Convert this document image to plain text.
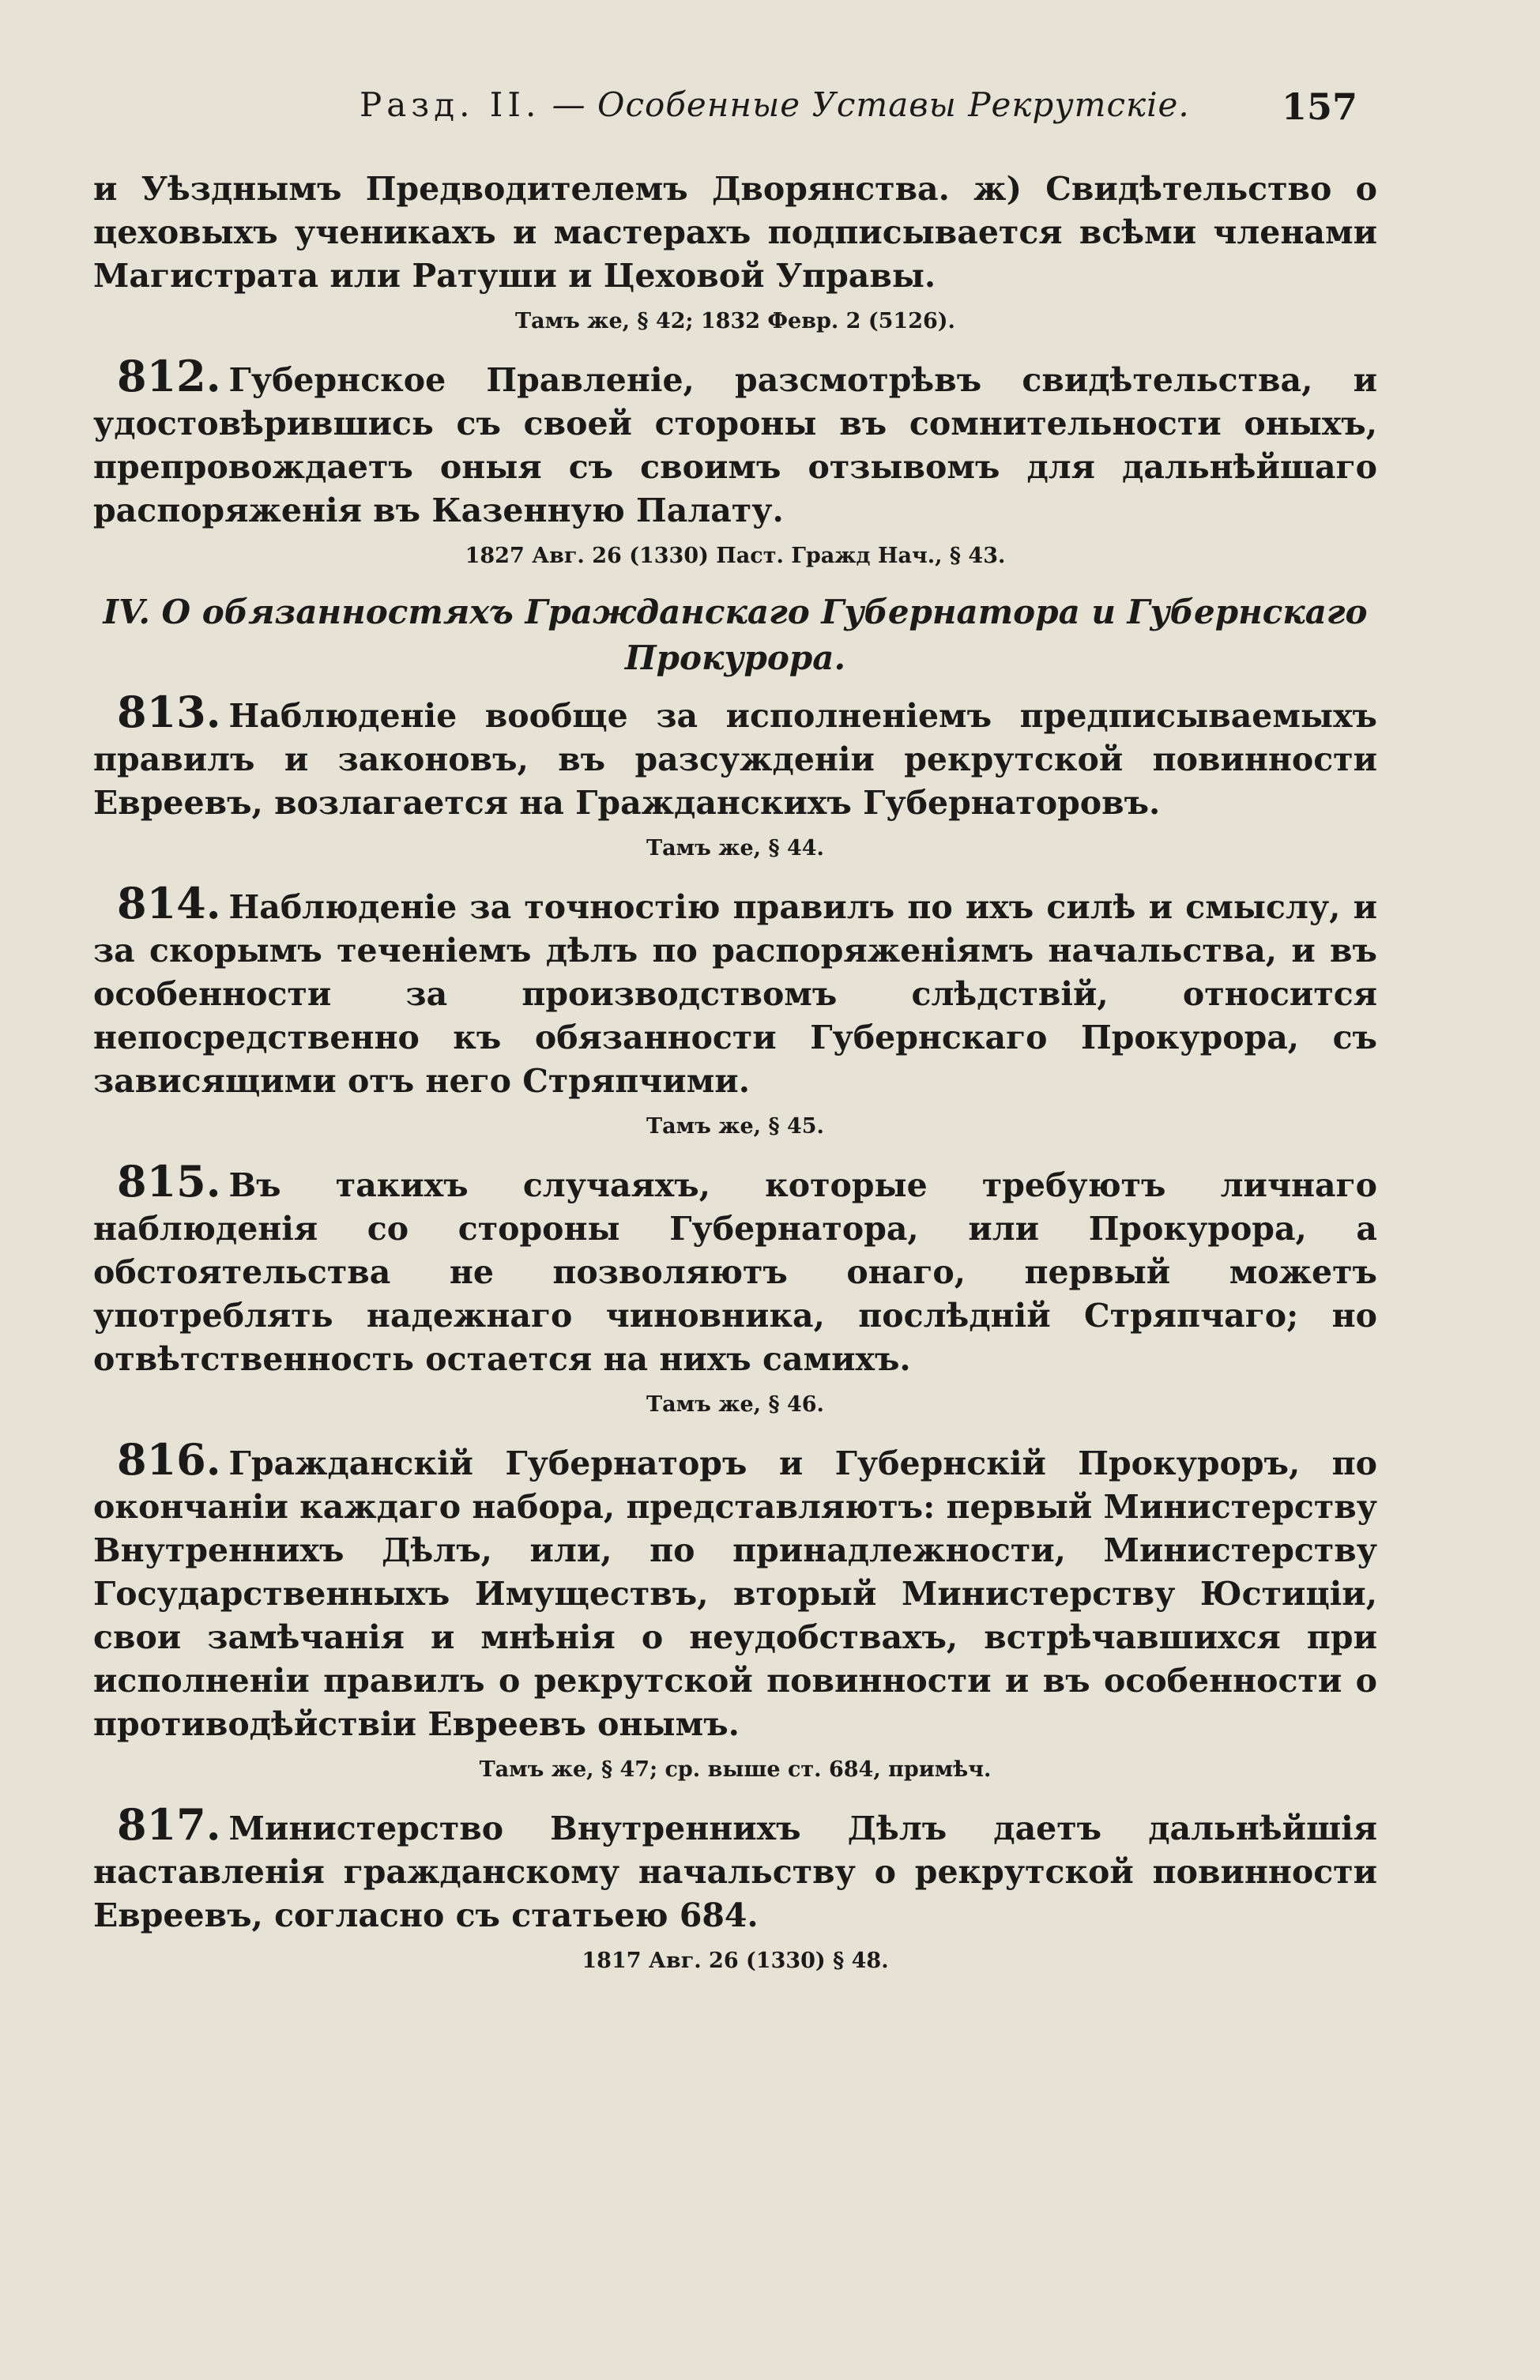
Разд. II. — Особенные Уставы Рекрутскіе.	157

и Уѣзднымъ Предводителемъ Дворянства. ж) Свидѣтельство о цеховыхъ ученикахъ и мастерахъ подписывается всѣми членами Магистрата или Ратуши и Цеховой Управы.

Тамъ же, § 42; 1832 Февр. 2 (5126).

812. Губернское Правленіе, разсмотрѣвъ свидѣтельства, и удостовѣрившись съ своей стороны въ сомнительности оныхъ, препровождаетъ оныя съ своимъ отзывомъ для дальнѣйшаго распоряженія въ Казенную Палату.

1827 Авг. 26 (1330) Паст. Гражд Нач., § 43.
IV. О обязанностяхъ Гражданскаго Губернатора и Губернскаго Прокурора.

813. Наблюденіе вообще за исполненіемъ предписываемыхъ правилъ и законовъ, въ разсужденіи рекрутской повинности Евреевъ, возлагается на Гражданскихъ Губернаторовъ.

Тамъ же, § 44.

814. Наблюденіе за точностію правилъ по ихъ силѣ и смыслу, и за скорымъ теченіемъ дѣлъ по распоряженіямъ начальства, и въ особенности за производствомъ слѣдствій, относится непосредственно къ обязанности Губернскаго Прокурора, съ зависящими отъ него Стряпчими.

Тамъ же, § 45.

815. Въ такихъ случаяхъ, которые требуютъ личнаго наблюденія со стороны Губернатора, или Прокурора, а обстоятельства не позволяютъ онаго, первый можетъ употреблять надежнаго чиновника, послѣдній Стряпчаго; но отвѣтственность остается на нихъ самихъ.

Тамъ же, § 46.

816. Гражданскій Губернаторъ и Губернскій Прокуроръ, по окончаніи каждаго набора, представляютъ: первый Министерству Внутреннихъ Дѣлъ, или, по принадлежности, Министерству Государственныхъ Имуществъ, вторый Министерству Юстиціи, свои замѣчанія и мнѣнія о неудобствахъ, встрѣчавшихся при исполненіи правилъ о рекрутской повинности и въ особенности о противодѣйствіи Евреевъ онымъ.

Тамъ же, § 47; ср. выше ст. 684, примѣч.

817. Министерство Внутреннихъ Дѣлъ даетъ дальнѣйшія наставленія гражданскому начальству о рекрутской повинности Евреевъ, согласно съ статьею 684.

1817 Авг. 26 (1330) § 48.
